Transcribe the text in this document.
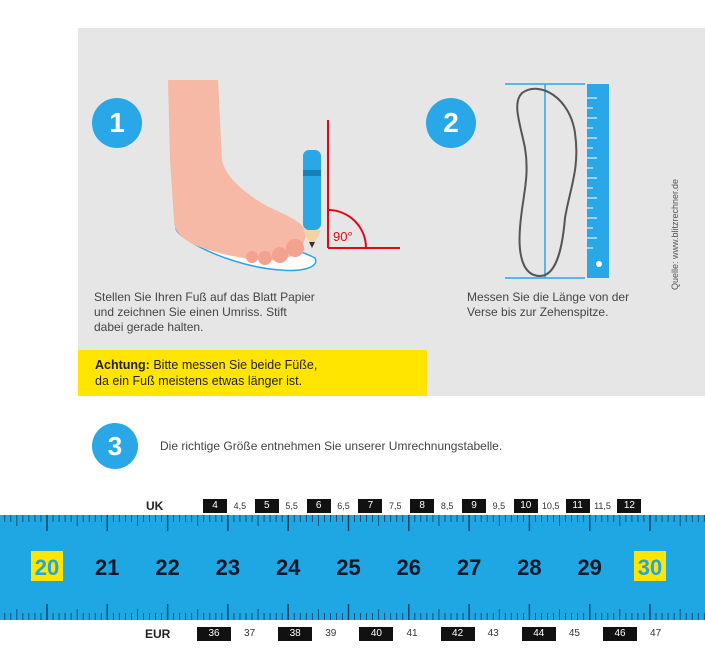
1
90°
Stellen Sie Ihren Fuß auf das Blatt Papier
und zeichnen Sie einen Umriss. Stift
dabei gerade halten.
2
Messen Sie die Länge von der
Verse bis zur Zehenspitze.
Quelle: www.blitzrechner.de
Achtung: Bitte messen Sie beide Füße,
da ein Fuß meistens etwas länger ist.
3	Die richtige Größe entnehmen Sie unserer Umrechnungstabelle.
UK	4	4,5	5	5,5	6	6,5	7	7,5	8	8,5	9	9,5	10	10,5	11	11,5	12
20	21	22	23	24	25	26	27	28	29	30
EUR	36	37	38	39	40	41	42	43	44	45	46	47
